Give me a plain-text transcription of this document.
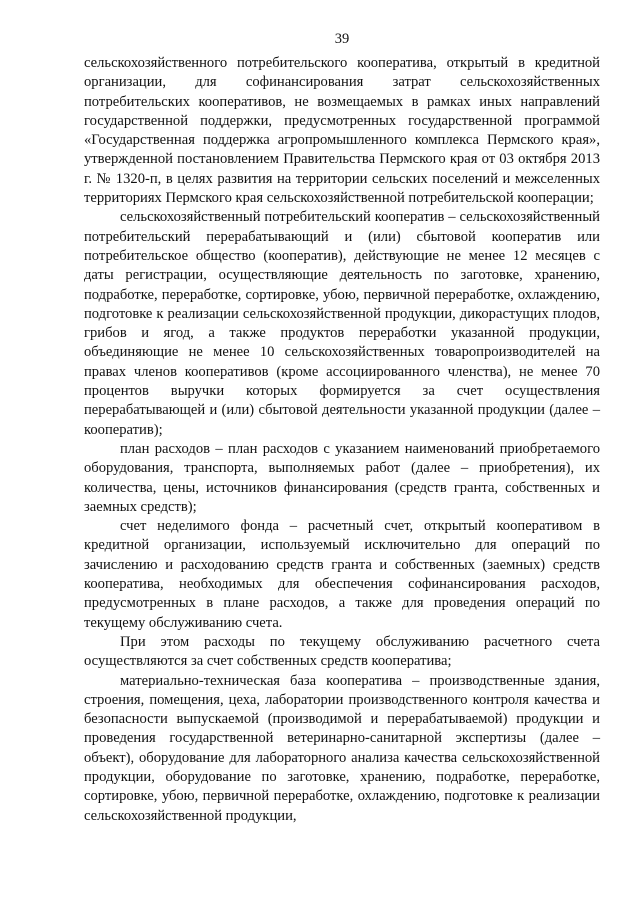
39

сельскохозяйственного потребительского кооператива, открытый в кредитной организации, для софинансирования затрат сельскохозяйственных потребительских кооперативов, не возмещаемых в рамках иных направлений государственной поддержки, предусмотренных государственной программой «Государственная поддержка агропромышленного комплекса Пермского края», утвержденной постановлением Правительства Пермского края от 03 октября 2013 г. № 1320-п, в целях развития на территории сельских поселений и межселенных территориях Пермского края сельскохозяйственной потребительской кооперации;

сельскохозяйственный потребительский кооператив – сельскохозяйственный потребительский перерабатывающий и (или) сбытовой кооператив или потребительское общество (кооператив), действующие не менее 12 месяцев с даты регистрации, осуществляющие деятельность по заготовке, хранению, подработке, переработке, сортировке, убою, первичной переработке, охлаждению, подготовке к реализации сельскохозяйственной продукции, дикорастущих плодов, грибов и ягод, а также продуктов переработки указанной продукции, объединяющие не менее 10 сельскохозяйственных товаропроизводителей на правах членов кооперативов (кроме ассоциированного членства), не менее 70 процентов выручки которых формируется за счет осуществления перерабатывающей и (или) сбытовой деятельности указанной продукции (далее – кооператив);

план расходов – план расходов с указанием наименований приобретаемого оборудования, транспорта, выполняемых работ (далее – приобретения), их количества, цены, источников финансирования (средств гранта, собственных и заемных средств);

счет неделимого фонда – расчетный счет, открытый кооперативом в кредитной организации, используемый исключительно для операций по зачислению и расходованию средств гранта и собственных (заемных) средств кооператива, необходимых для обеспечения софинансирования расходов, предусмотренных в плане расходов, а также для проведения операций по текущему обслуживанию счета.

При этом расходы по текущему обслуживанию расчетного счета осуществляются за счет собственных средств кооператива;

материально-техническая база кооператива – производственные здания, строения, помещения, цеха, лаборатории производственного контроля качества и безопасности выпускаемой (производимой и перерабатываемой) продукции и проведения государственной ветеринарно-санитарной экспертизы (далее – объект), оборудование для лабораторного анализа качества сельскохозяйственной продукции, оборудование по заготовке, хранению, подработке, переработке, сортировке, убою, первичной переработке, охлаждению, подготовке к реализации сельскохозяйственной продукции,
